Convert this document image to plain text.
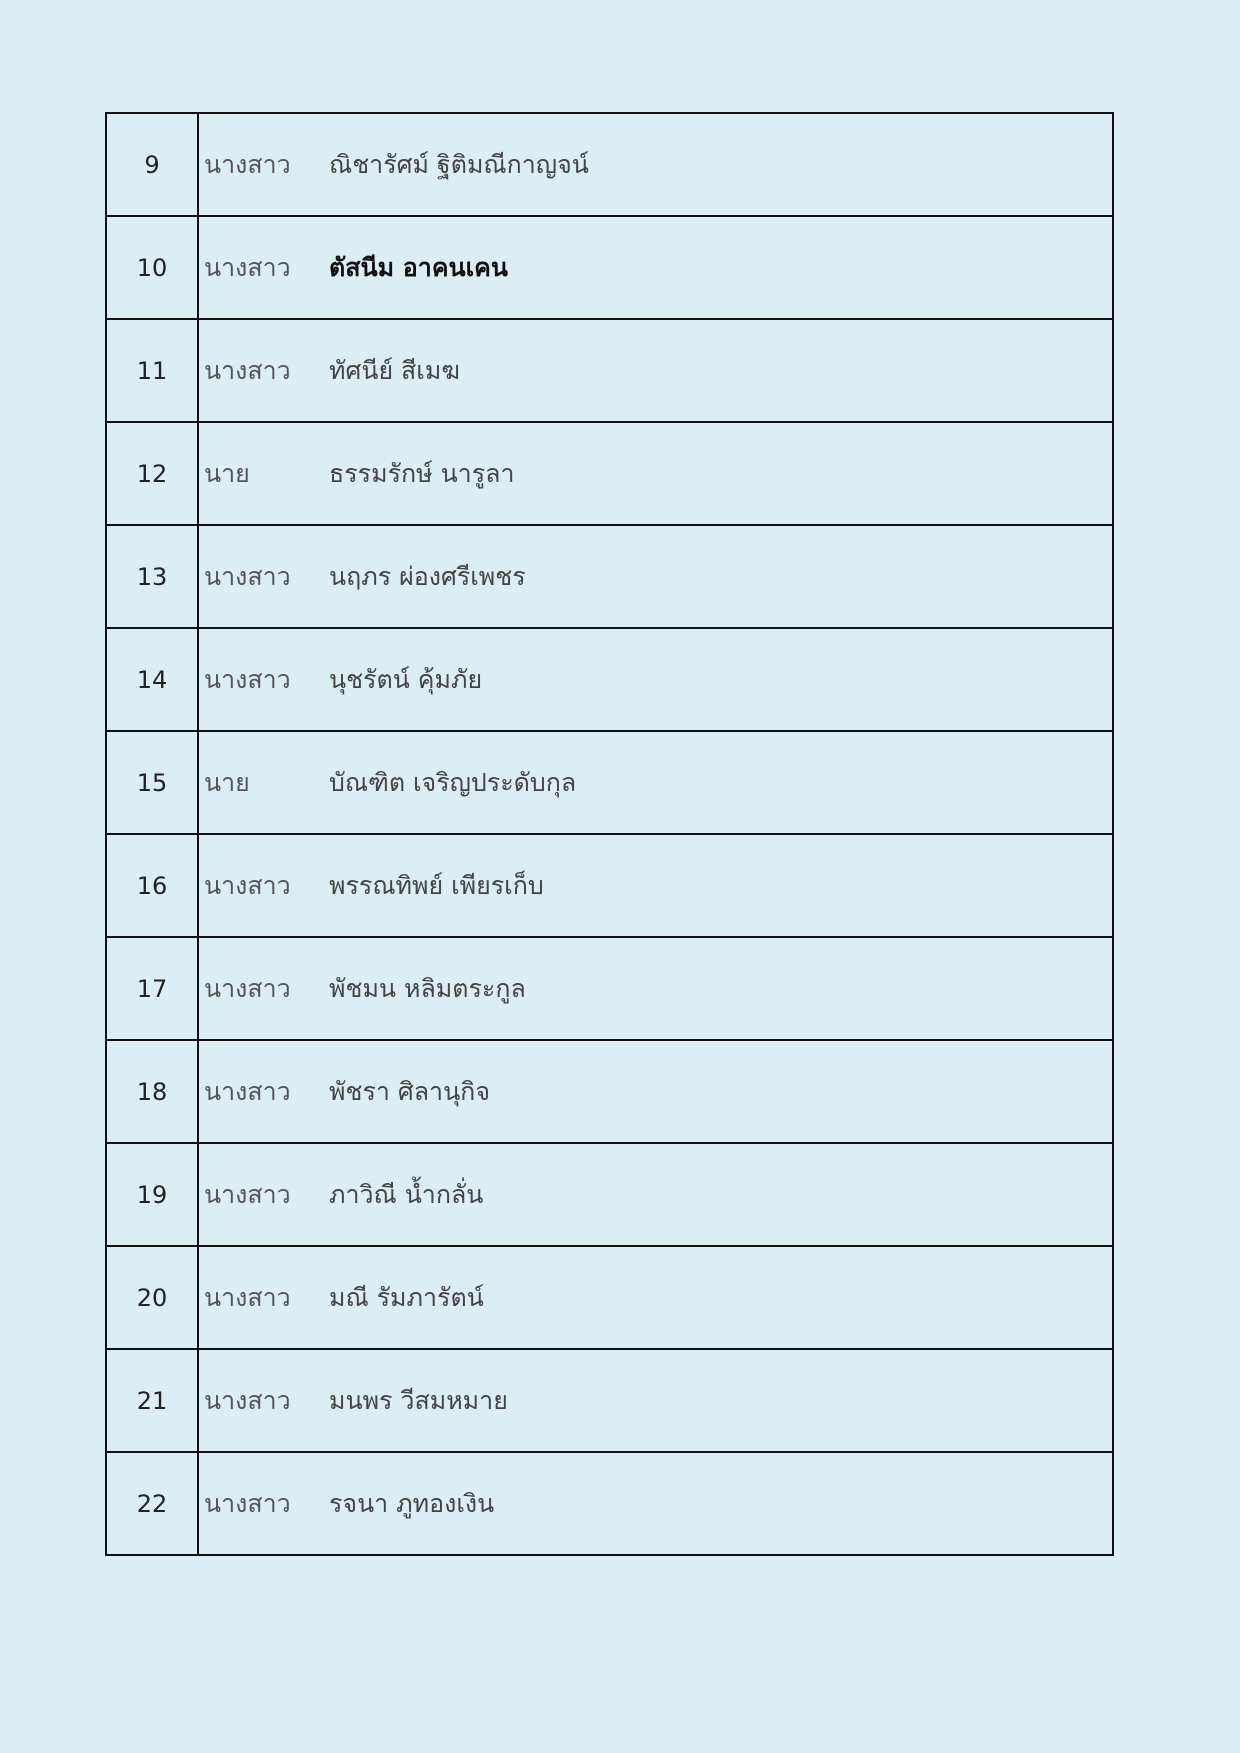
9	นางสาว ณิชารัศม์ ฐิติมณีกาญจน์
10	นางสาว ตัสนีม อาคนเคน
11	นางสาว ทัศนีย์ สีเมฆ
12	นาย ธรรมรักษ์ นารูลา
13	นางสาว นฤภร ผ่องศรีเพชร
14	นางสาว นุชรัตน์ คุ้มภัย
15	นาย บัณฑิต เจริญประดับกุล
16	นางสาว พรรณทิพย์ เพียรเก็บ
17	นางสาว พัชมน หลิมตระกูล
18	นางสาว พัชรา ศิลานุกิจ
19	นางสาว ภาวิณี น้ำกลั่น
20	นางสาว มณี รัมภารัตน์
21	นางสาว มนพร วีสมหมาย
22	นางสาว รจนา ภูทองเงิน
